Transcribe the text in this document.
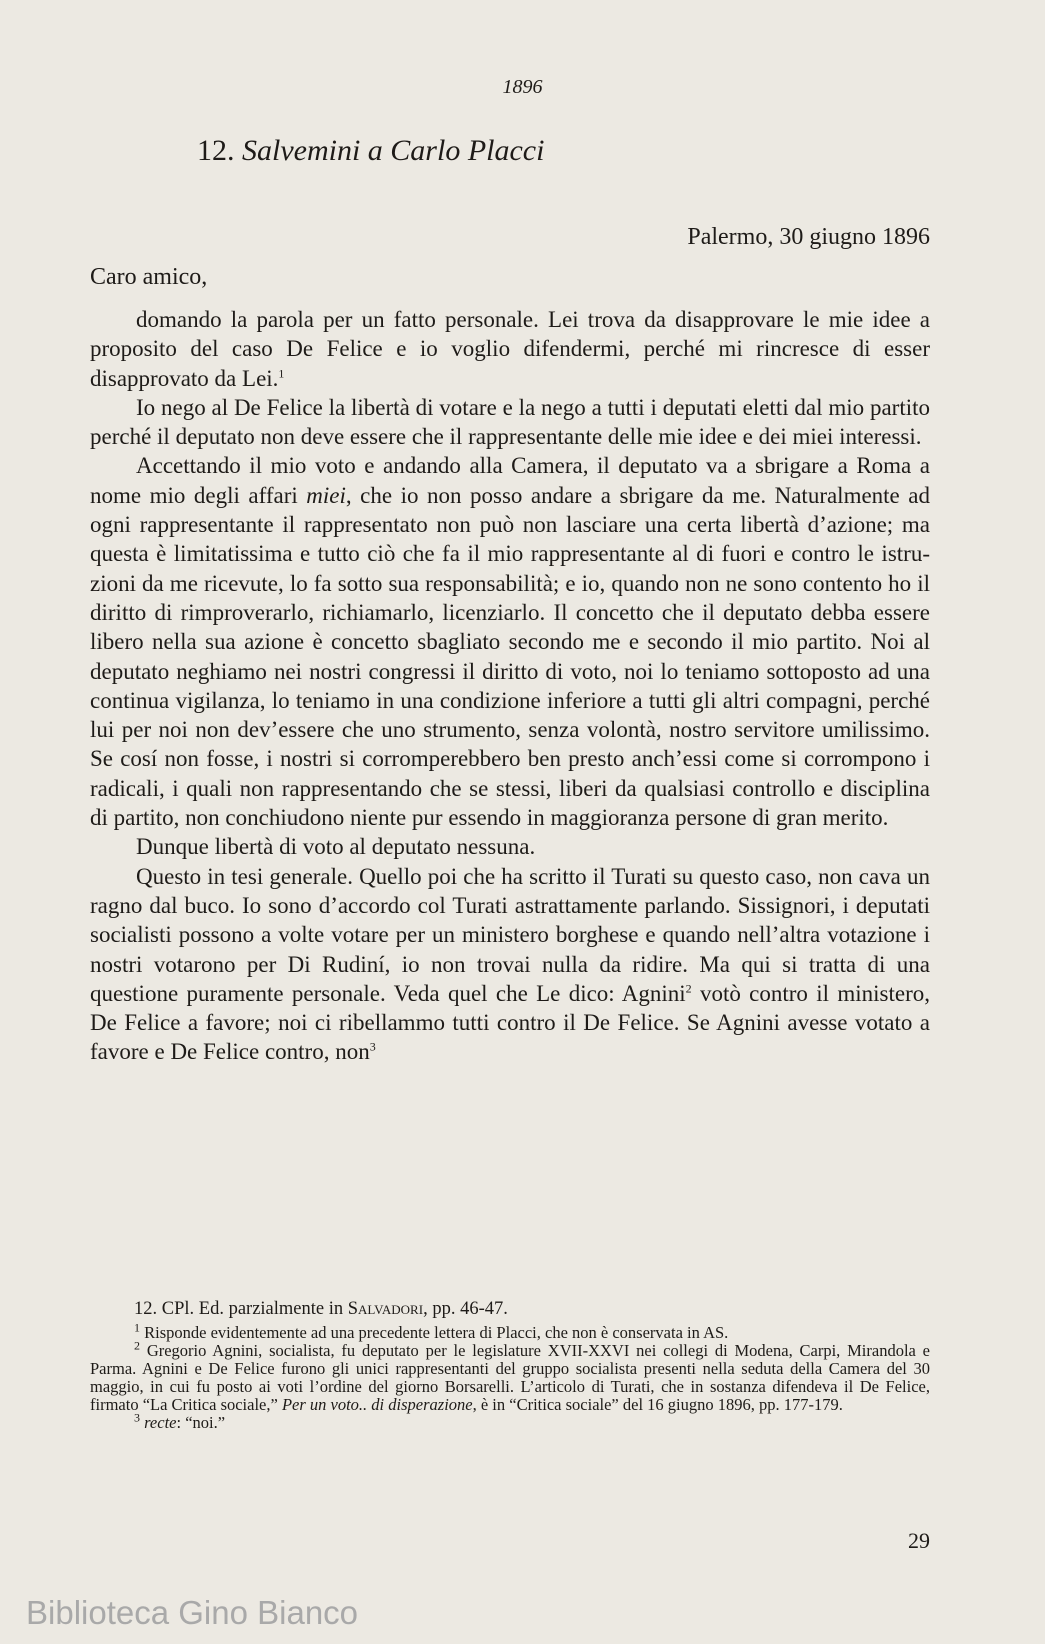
1896
12. Salvemini a Carlo Placci
Palermo, 30 giugno 1896
Caro amico,

domando la parola per un fatto personale. Lei trova da disapprovare le mie idee a proposito del caso De Felice e io voglio difendermi, perché mi rincresce di esser disapprovato da Lei.$^1$

Io nego al De Felice la libertà di votare e la nego a tutti i deputati eletti dal mio partito perché il deputato non deve essere che il rappresentante delle mie idee e dei miei interessi.

Accettando il mio voto e andando alla Camera, il deputato va a sbrigare a Roma a nome mio degli affari miei, che io non posso andare a sbrigare da me. Naturalmente ad ogni rappresentante il rappresentato non può non lasciare una certa libertà d’azione; ma questa è limitatissima e tutto ciò che fa il mio rappresentante al di fuori e contro le istruzioni da me ricevute, lo fa sotto sua responsabilità; e io, quando non ne sono contento ho il diritto di rimproverarlo, richiamarlo, licenziarlo. Il concetto che il deputato debba essere libero nella sua azione è concetto sbagliato secondo me e secondo il mio partito. Noi al deputato neghiamo nei nostri congressi il diritto di voto, noi lo teniamo sottoposto ad una continua vigilanza, lo teniamo in una condizione inferiore a tutti gli altri compagni, perché lui per noi non dev’essere che uno strumento, senza volontà, nostro servitore umilissimo. Se cosí non fosse, i nostri si corromperebbero ben presto anch’essi come si corrompono i radicali, i quali non rappresentando che se stessi, liberi da qualsiasi controllo e disciplina di partito, non conchiudono niente pur essendo in maggioranza persone di gran merito.

Dunque libertà di voto al deputato nessuna.

Questo in tesi generale. Quello poi che ha scritto il Turati su questo caso, non cava un ragno dal buco. Io sono d’accordo col Turati astrattamente parlando. Sissignori, i deputati socialisti possono a volte votare per un ministero borghese e quando nell’altra votazione i nostri votarono per Di Rudiní, io non trovai nulla da ridire. Ma qui si tratta di una questione puramente personale. Veda quel che Le dico: Agnini$^2$ votò contro il ministero, De Felice a favore; noi ci ribellammo tutti contro il De Felice. Se Agnini avesse votato a favore e De Felice contro, non$^3$

12. CPl. Ed. parzialmente in Salvadori, pp. 46-47.

$^1$ Risponde evidentemente ad una precedente lettera di Placci, che non è conservata in AS.

$^2$ Gregorio Agnini, socialista, fu deputato per le legislature XVII-XXVI nei collegi di Modena, Carpi, Mirandola e Parma. Agnini e De Felice furono gli unici rappresentanti del gruppo socialista presenti nella seduta della Camera del 30 maggio, in cui fu posto ai voti l’ordine del giorno Borsarelli. L’articolo di Turati, che in sostanza difendeva il De Felice, firmato “La Critica sociale,” Per un voto.. di disperazione, è in “Critica sociale” del 16 giugno 1896, pp. 177-179.

$^3$ recte: “noi.”

29
Biblioteca Gino Bianco
